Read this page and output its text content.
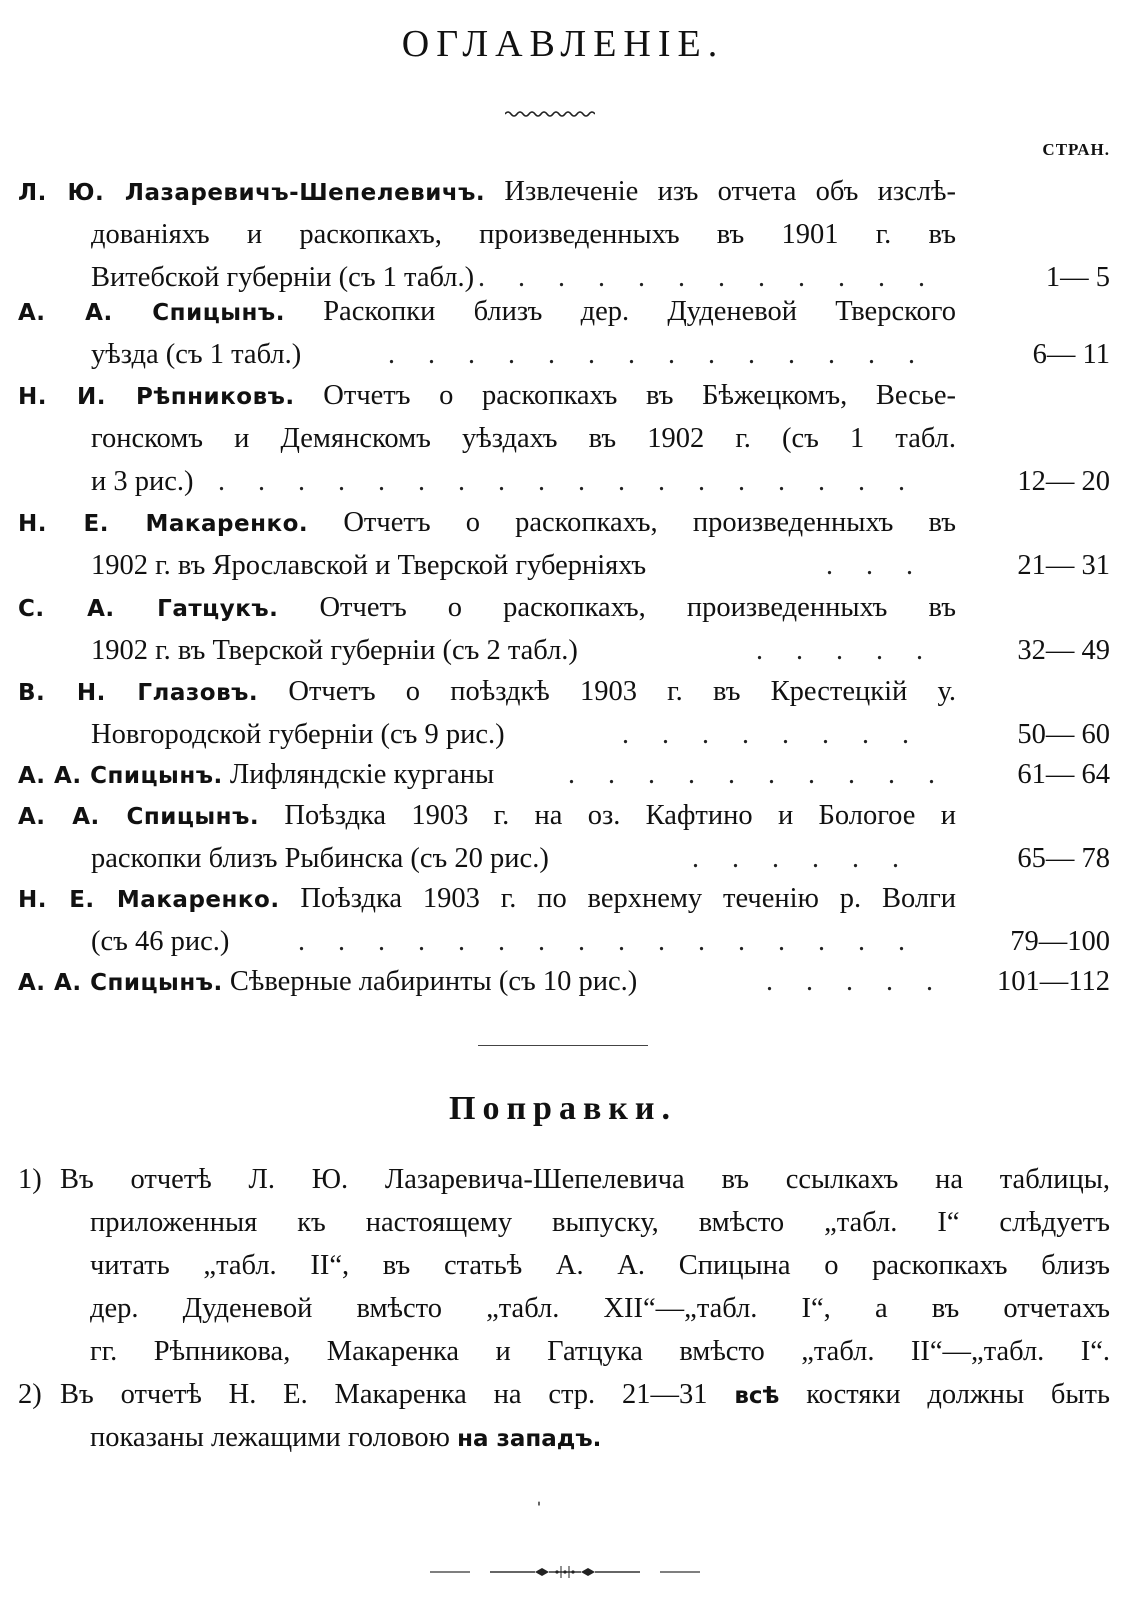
ОГЛАВЛЕНІЕ.
СТРАН.
Л. Ю. Лазаревичъ-Шепелевичъ. Извлеченіе изъ отчета объ изслѣ-
дованіяхъ и раскопкахъ, произведенныхъ въ 1901 г. въ
Витебской губерніи (съ 1 табл.) . . . . . . . . . . . .	1— 5
А. А. Спицынъ. Раскопки близъ дер. Дуденевой Тверского
уѣзда (съ 1 табл.)	. . . . . . . . . . . . . .	6— 11
Н. И. Рѣпниковъ. Отчетъ о раскопкахъ въ Бѣжецкомъ, Весье-
гонскомъ и Демянскомъ уѣздахъ въ 1902 г. (съ 1 табл.
и 3 рис.) . . . . . . . . . . . . . . . . . .	12— 20
Н. Е. Макаренко. Отчетъ о раскопкахъ, произведенныхъ въ
1902 г. въ Ярославской и Тверской губерніяхъ	. . .	21— 31
С. А. Гатцукъ. Отчетъ о раскопкахъ, произведенныхъ въ
1902 г. въ Тверской губерніи (съ 2 табл.)	. . . . .	32— 49
В. Н. Глазовъ. Отчетъ о поѣздкѣ 1903 г. въ Крестецкій у.
Новгородской губерніи (съ 9 рис.)	. . . . . . . .	50— 60
А. А. Спицынъ. Лифляндскіе курганы	. . . . . . . . . .	61— 64
А. А. Спицынъ. Поѣздка 1903 г. на оз. Кафтино и Бологое и
раскопки близъ Рыбинска (съ 20 рис.)	. . . . . .	65— 78
Н. Е. Макаренко. Поѣздка 1903 г. по верхнему теченію р. Волги
(съ 46 рис.)	. . . . . . . . . . . . . . . .	79—100
А. А. Спицынъ. Сѣверные лабиринты (съ 10 рис.)	. . . . .	101—112
Поправки.
1) Въ отчетѣ Л. Ю. Лазаревича-Шепелевича въ ссылкахъ на таблицы,
приложенныя къ настоящему выпуску, вмѣсто „табл. I“ слѣдуетъ
читать „табл. II“, въ статьѣ А. А. Спицына о раскопкахъ близъ
дер. Дуденевой вмѣсто „табл. XII“—„табл. I“, а въ отчетахъ
гг. Рѣпникова, Макаренка и Гатцука вмѣсто „табл. II“—„табл. I“.
2) Въ отчетѣ Н. Е. Макаренка на стр. 21—31 всѣ костяки должны быть
показаны лежащими головою на западъ.
ˌ
